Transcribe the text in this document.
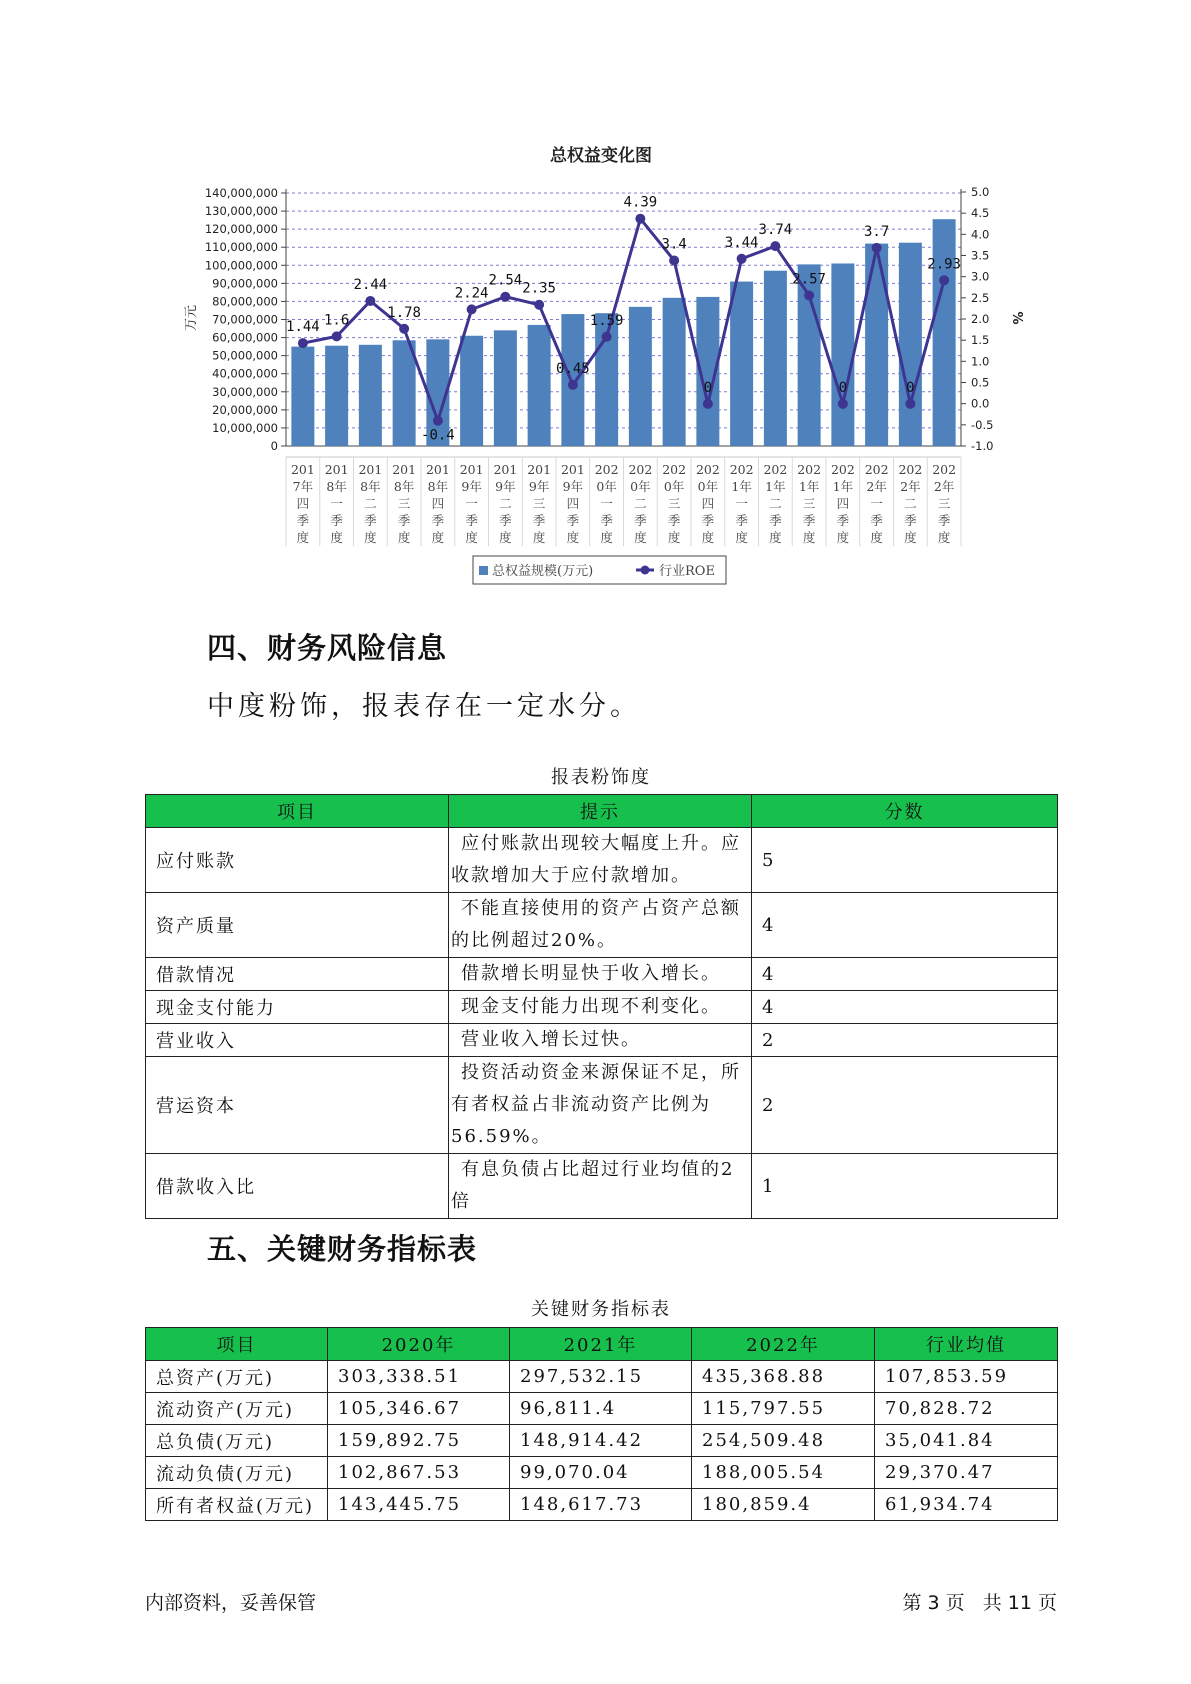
总权益变化图
140,000,000
130,000,000
120,000,000
110,000,000
100,000,000
90,000,000
80,000,000
70,000,000
60,000,000
50,000,000
40,000,000
30,000,000
20,000,000
10,000,000
0
5.0
4.5
4.0
3.5
3.0
2.5
2.0
1.5
1.0
0.5
0.0
-0.5
-1.0
万元	%
1.44 1.6
2.44
1.78
-0.4
2.24
2.54
2.35
0.45
1.59
4.39
3.4
0
3.44
3.74
2.57
0
3.7
0
2.93
201
7年
四
季
度
201
8年
一
季
度
201
8年
二
季
度
201
8年
三
季
度
201
8年
四
季
度
201
9年
一
季
度
201
9年
二
季
度
201
9年
三
季
度
201
9年
四
季
度
202
0年
一
季
度
202
0年
二
季
度
202
0年
三
季
度
202
0年
四
季
度
202
1年
一
季
度
202
1年
二
季
度
202
1年
三
季
度
202
1年
四
季
度
202
2年
一
季
度
202
2年
二
季
度
202
2年
三
季
度
总权益规模(万元)	行业ROE
四、财务风险信息
中度粉饰，报表存在一定水分。
报表粉饰度
项目	提示	分数
应付账款	应付账款出现较大幅度上升。应
收款增加大于应付款增加。	5
资产质量	不能直接使用的资产占资产总额
的比例超过20%。	4
借款情况	借款增长明显快于收入增长。	4
现金支付能力	现金支付能力出现不利变化。	4
营业收入	营业收入增长过快。	2
营运资本	投资活动资金来源保证不足，所
有者权益占非流动资产比例为
56.59%。	2
借款收入比	有息负债占比超过行业均值的2倍	1
五、关键财务指标表
关键财务指标表
项目	2020年	2021年	2022年	行业均值
总资产(万元)	303,338.51	297,532.15	435,368.88	107,853.59
流动资产(万元)	105,346.67	96,811.4	115,797.55	70,828.72
总负债(万元)	159,892.75	148,914.42	254,509.48	35,041.84
流动负债(万元)	102,867.53	99,070.04	188,005.54	29,370.47
所有者权益(万元)	143,445.75	148,617.73	180,859.4	61,934.74
内部资料，妥善保管	第 3 页   共 11 页
